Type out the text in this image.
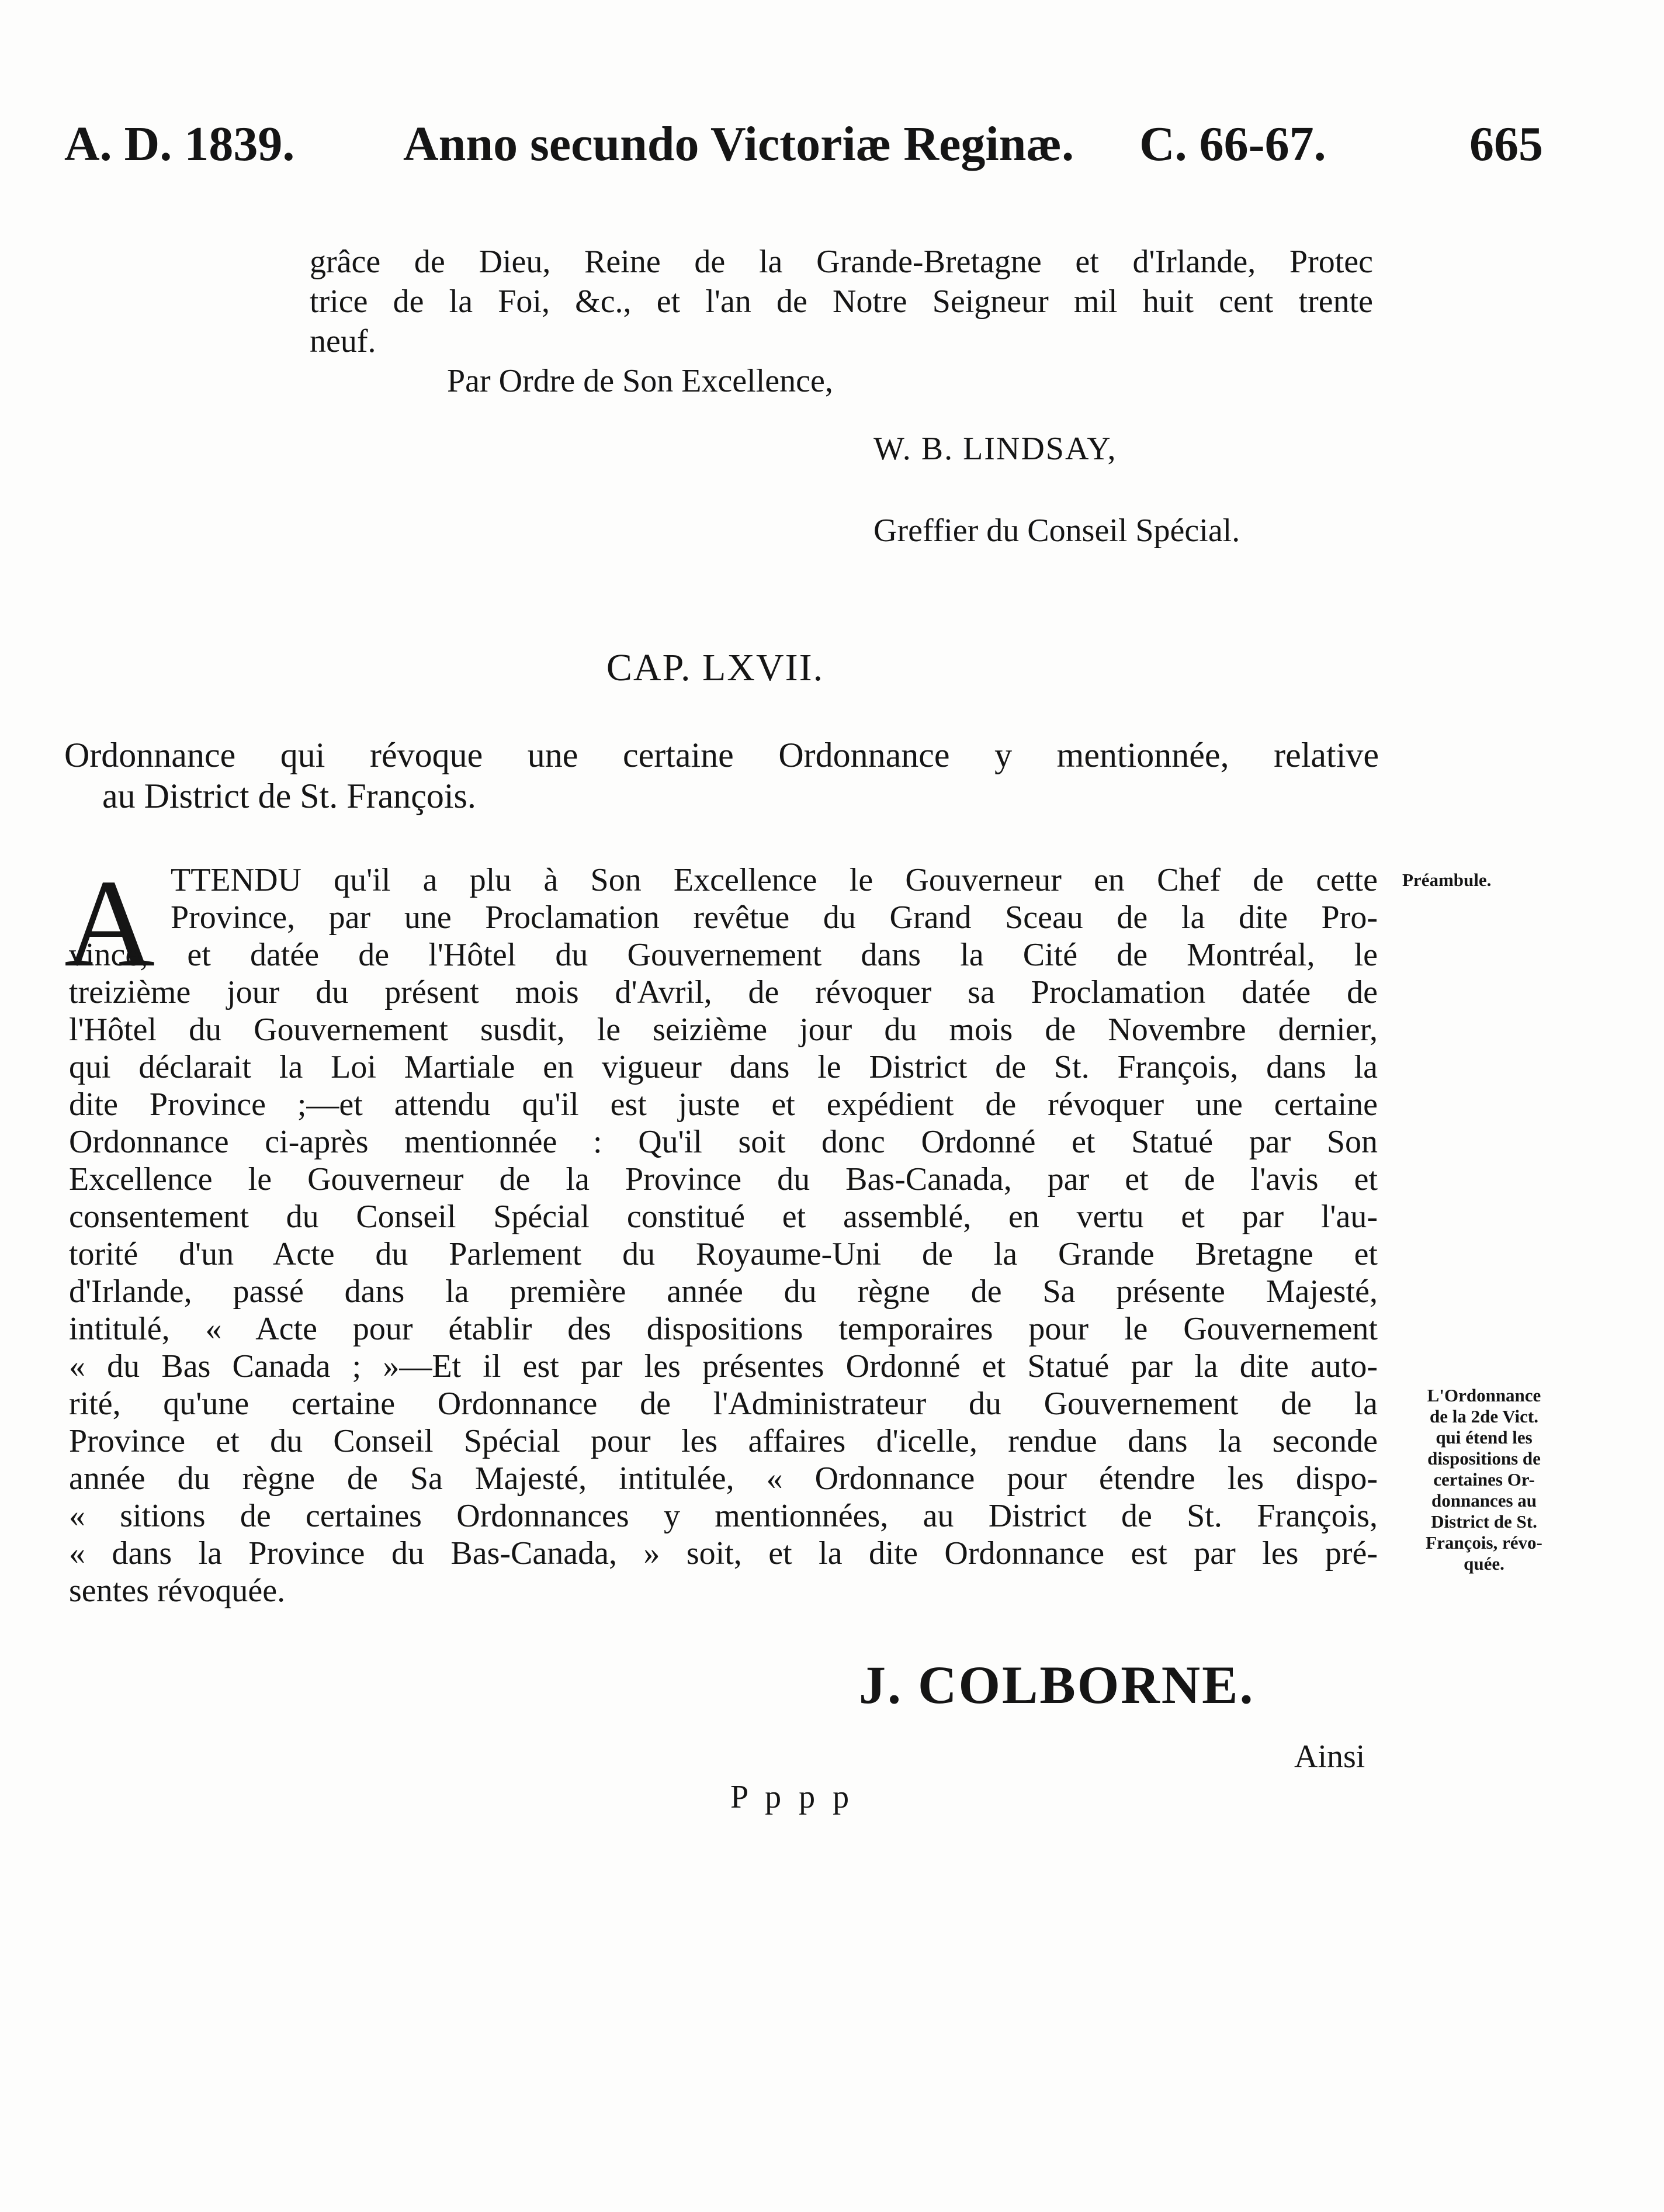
A. D. 1839. Anno secundo Victoriæ Reginæ. C. 66-67.	665
grâce de Dieu, Reine de la Grande-Bretagne et d'Irlande, Protec
trice de la Foi, &c., et l'an de Notre Seigneur mil huit cent trente
neuf.
Par Ordre de Son Excellence,
W. B. LINDSAY,
Greffier du Conseil Spécial.
CAP. LXVII.
Ordonnance qui révoque une certaine Ordonnance y mentionnée, relative
au District de St. François.
A TTENDU qu'il a plu à Son Excellence le Gouverneur en Chef de cette
Province, par une Proclamation revêtue du Grand Sceau de la dite Pro-
vince, et datée de l'Hôtel du Gouvernement dans la Cité de Montréal, le
treizième jour du présent mois d'Avril, de révoquer sa Proclamation datée de
l'Hôtel du Gouvernement susdit, le seizième jour du mois de Novembre dernier,
qui déclarait la Loi Martiale en vigueur dans le District de St. François, dans la
dite Province ;—et attendu qu'il est juste et expédient de révoquer une certaine
Ordonnance ci-après mentionnée : Qu'il soit donc Ordonné et Statué par Son
Excellence le Gouverneur de la Province du Bas-Canada, par et de l'avis et
consentement du Conseil Spécial constitué et assemblé, en vertu et par l'au-
torité d'un Acte du Parlement du Royaume-Uni de la Grande Bretagne et
d'Irlande, passé dans la première année du règne de Sa présente Majesté,
intitulé, « Acte pour établir des dispositions temporaires pour le Gouvernement
« du Bas Canada ; »—Et il est par les présentes Ordonné et Statué par la dite auto-
rité, qu'une certaine Ordonnance de l'Administrateur du Gouvernement de la
Province et du Conseil Spécial pour les affaires d'icelle, rendue dans la seconde
année du règne de Sa Majesté, intitulée, « Ordonnance pour étendre les dispo-
« sitions de certaines Ordonnances y mentionnées, au District de St. François,
« dans la Province du Bas-Canada, » soit, et la dite Ordonnance est par les pré-
sentes révoquée.
Préambule.
L'Ordonnance
de la 2de Vict.
qui étend les
dispositions de
certaines Or-
donnances au
District de St.
François, révo-
quée.
J. COLBORNE.
Ainsi
P p p p
